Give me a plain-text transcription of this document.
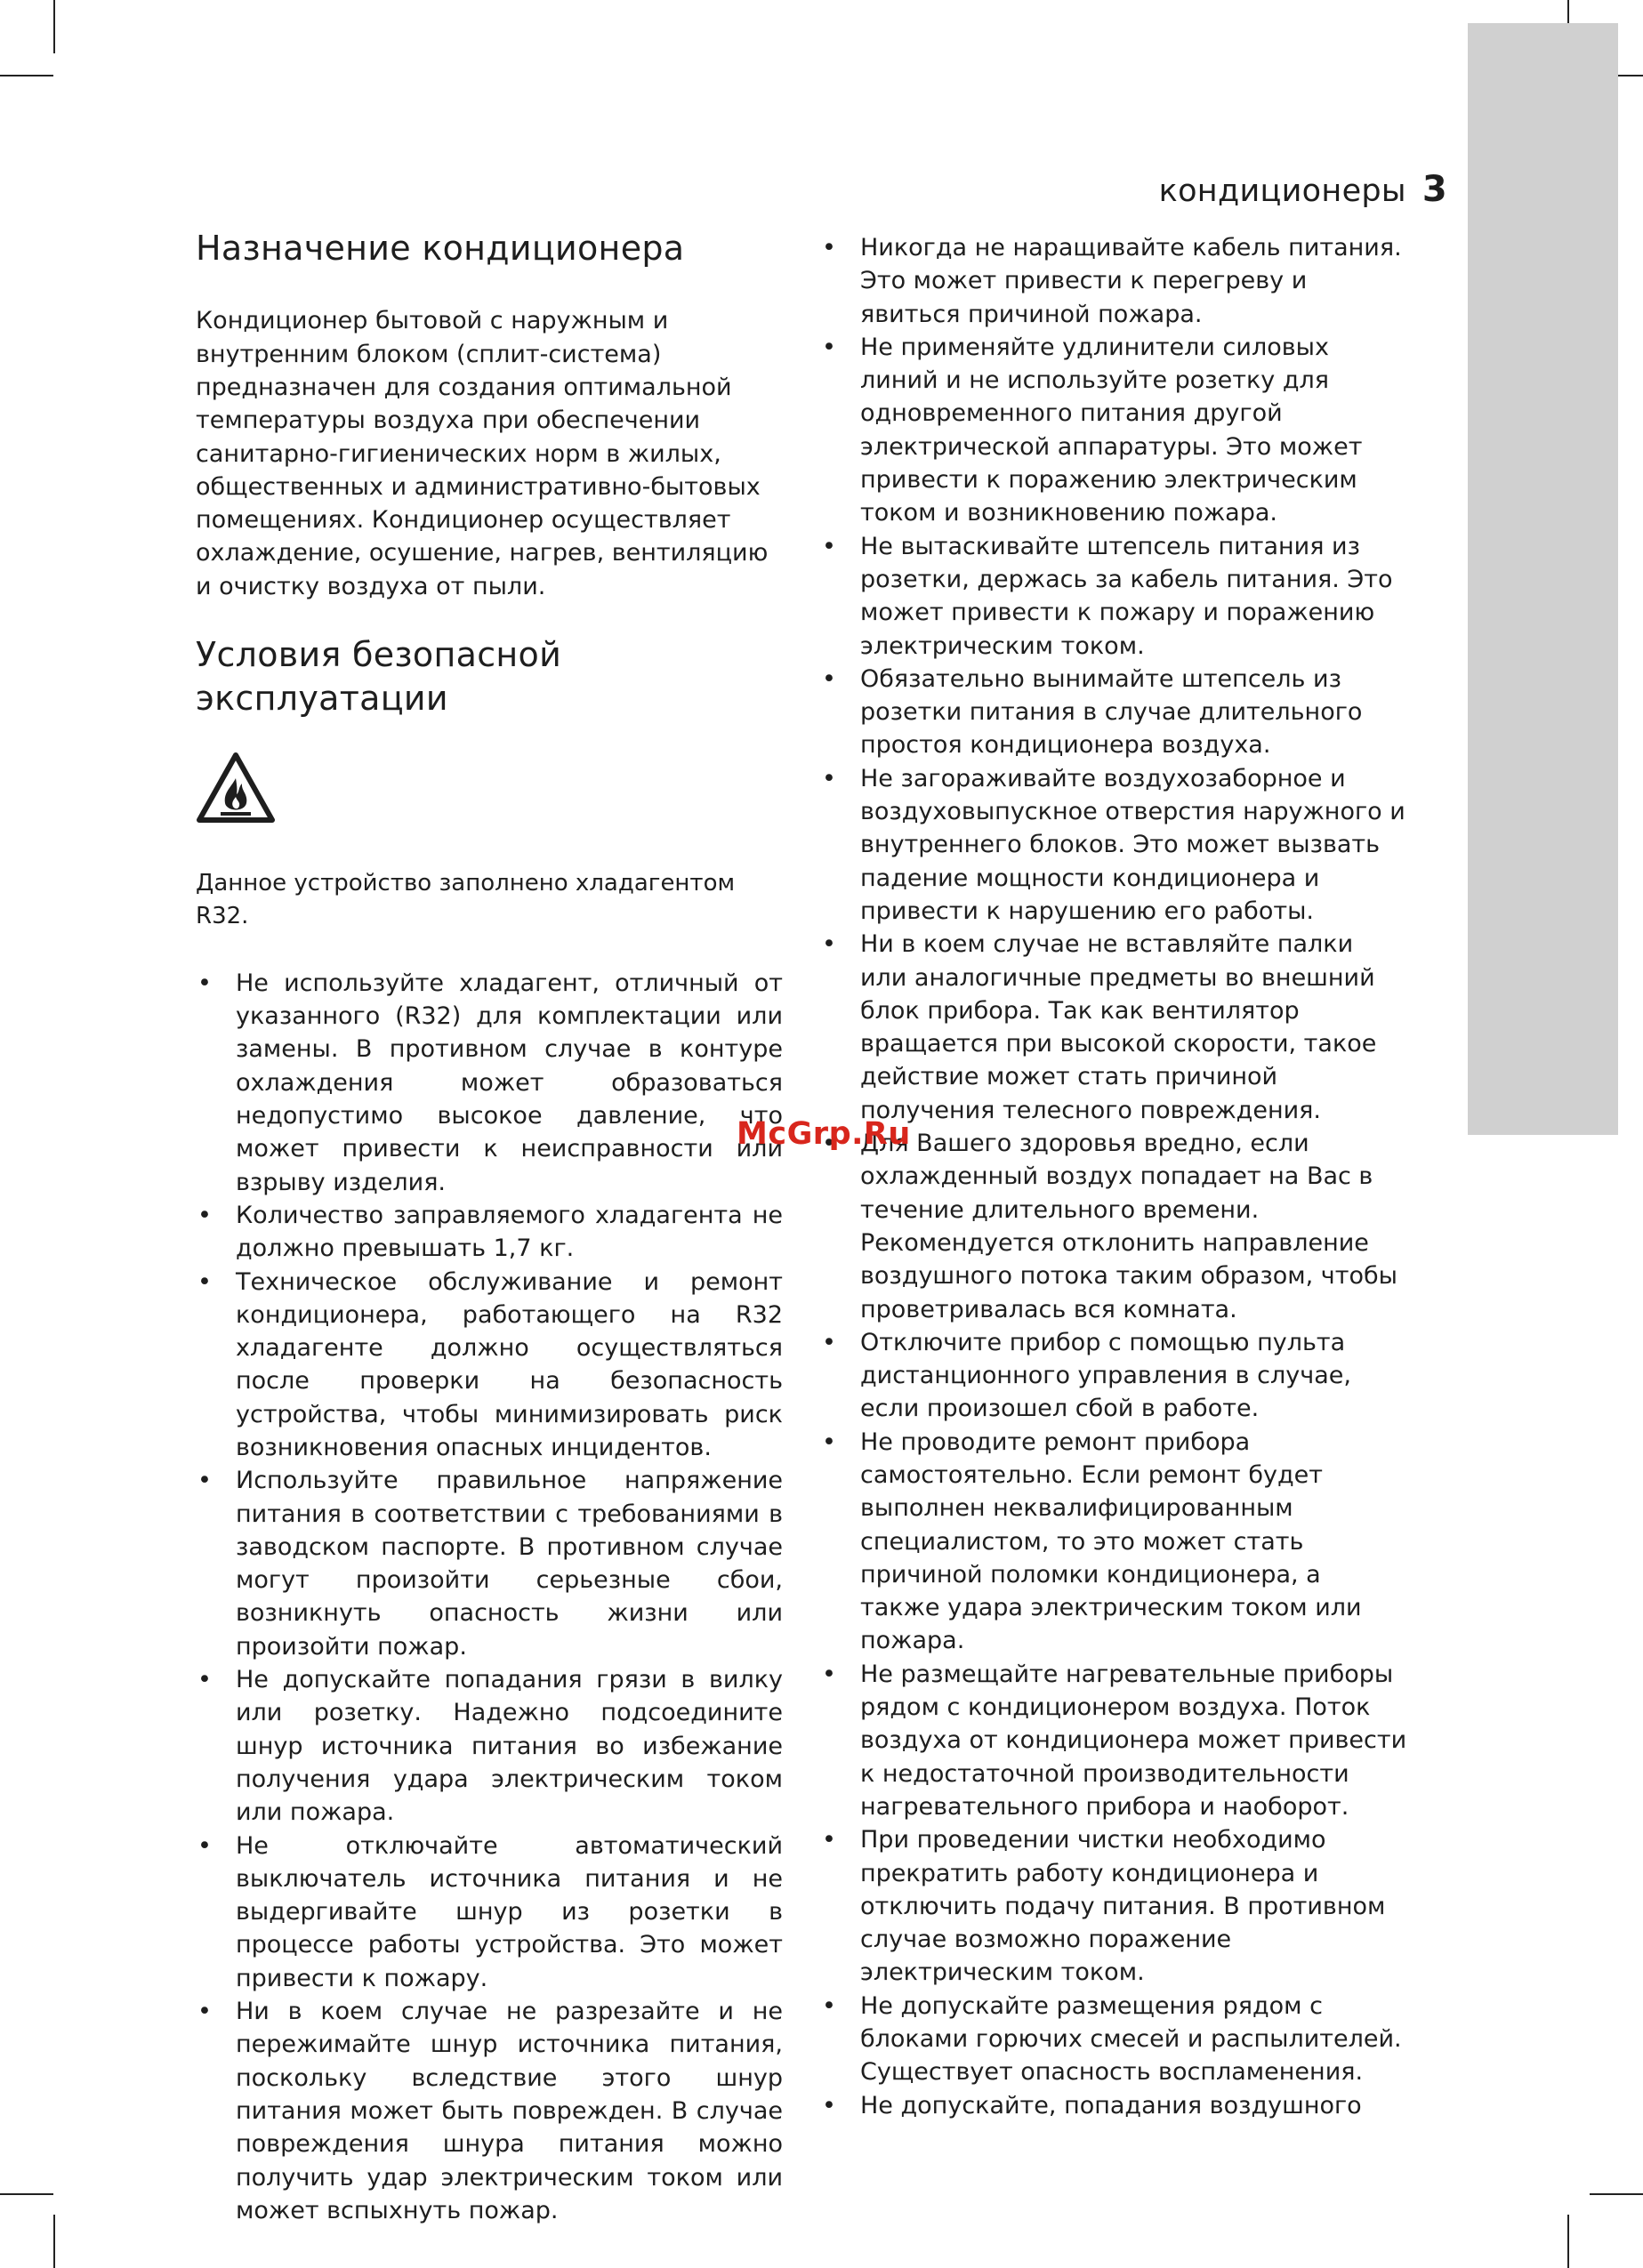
кондиционеры 3
Назначение кондиционера

Кондиционер бытовой с наружным и внутренним блоком (сплит-система) предназначен для создания оптимальной температуры воздуха при обеспечении санитарно-гигиенических норм в жилых, общественных и административно-бытовых помещениях. Кондиционер осуществляет охлаждение, осушение, нагрев, вентиляцию и очистку воздуха от пыли.

Условия безопасной эксплуатации
Данное устройство заполнено хладагентом R32.
• Не используйте хладагент, отличный от указанного (R32) для комплектации или замены. В противном случае в контуре охлаждения может образоваться недопустимо высокое давление, что может привести к неисправности или взрыву изделия.
• Количество заправляемого хладагента не должно превышать 1,7 кг.
• Техническое обслуживание и ремонт кондиционера, работающего на R32 хладагенте должно осуществляться после проверки на безопасность устройства, чтобы минимизировать риск возникновения опасных инцидентов.
• Используйте правильное напряжение питания в соответствии с требованиями в заводском паспорте. В противном случае могут произойти серьезные сбои, возникнуть опасность жизни или произойти пожар.
• Не допускайте попадания грязи в вилку или розетку. Надежно подсоедините шнур источника питания во избежание получения удара электрическим током или пожара.
• Не отключайте автоматический выключатель источника питания и не выдергивайте шнур из розетки в процессе работы устройства. Это может привести к пожару.
• Ни в коем случае не разрезайте и не пережимайте шнур источника питания, поскольку вследствие этого шнур питания может быть поврежден. В случае повреждения шнура питания можно получить удар электрическим током или может вспыхнуть пожар.
• Никогда не наращивайте кабель питания. Это может привести к перегреву и явиться причиной пожара.
• Не применяйте удлинители силовых линий и не используйте розетку для одновременного питания другой электрической аппаратуры. Это может привести к поражению электрическим током и возникновению пожара.
• Не вытаскивайте штепсель питания из розетки, держась за кабель питания. Это может привести к пожару и поражению электрическим током.
• Обязательно вынимайте штепсель из розетки питания в случае длительного простоя кондиционера воздуха.
• Не загораживайте воздухозаборное и воздуховыпускное отверстия наружного и внутреннего блоков. Это может вызвать падение мощности кондиционера и привести к нарушению его работы.
• Ни в коем случае не вставляйте палки или аналогичные предметы во внешний блок прибора. Так как вентилятор вращается при высокой скорости, такое действие может стать причиной получения телесного повреждения.
• Для Вашего здоровья вредно, если охлажденный воздух попадает на Вас в течение длительного времени. Рекомендуется отклонить направление воздушного потока таким образом, чтобы проветривалась вся комната.
• Отключите прибор с помощью пульта дистанционного управления в случае, если произошел сбой в работе.
• Не проводите ремонт прибора самостоятельно. Если ремонт будет выполнен неквалифицированным специалистом, то это может стать причиной поломки кондиционера, а также удара электрическим током или пожара.
• Не размещайте нагревательные приборы рядом с кондиционером воздуха. Поток воздуха от кондиционера может привести к недостаточной производительности нагревательного прибора и наоборот.
• При проведении чистки необходимо прекратить работу кондиционера и отключить подачу питания. В противном случае возможно поражение электрическим током.
• Не допускайте размещения рядом с блоками горючих смесей и распылителей. Существует опасность воспламенения.
• Не допускайте, попадания воздушного
McGrp.Ru
